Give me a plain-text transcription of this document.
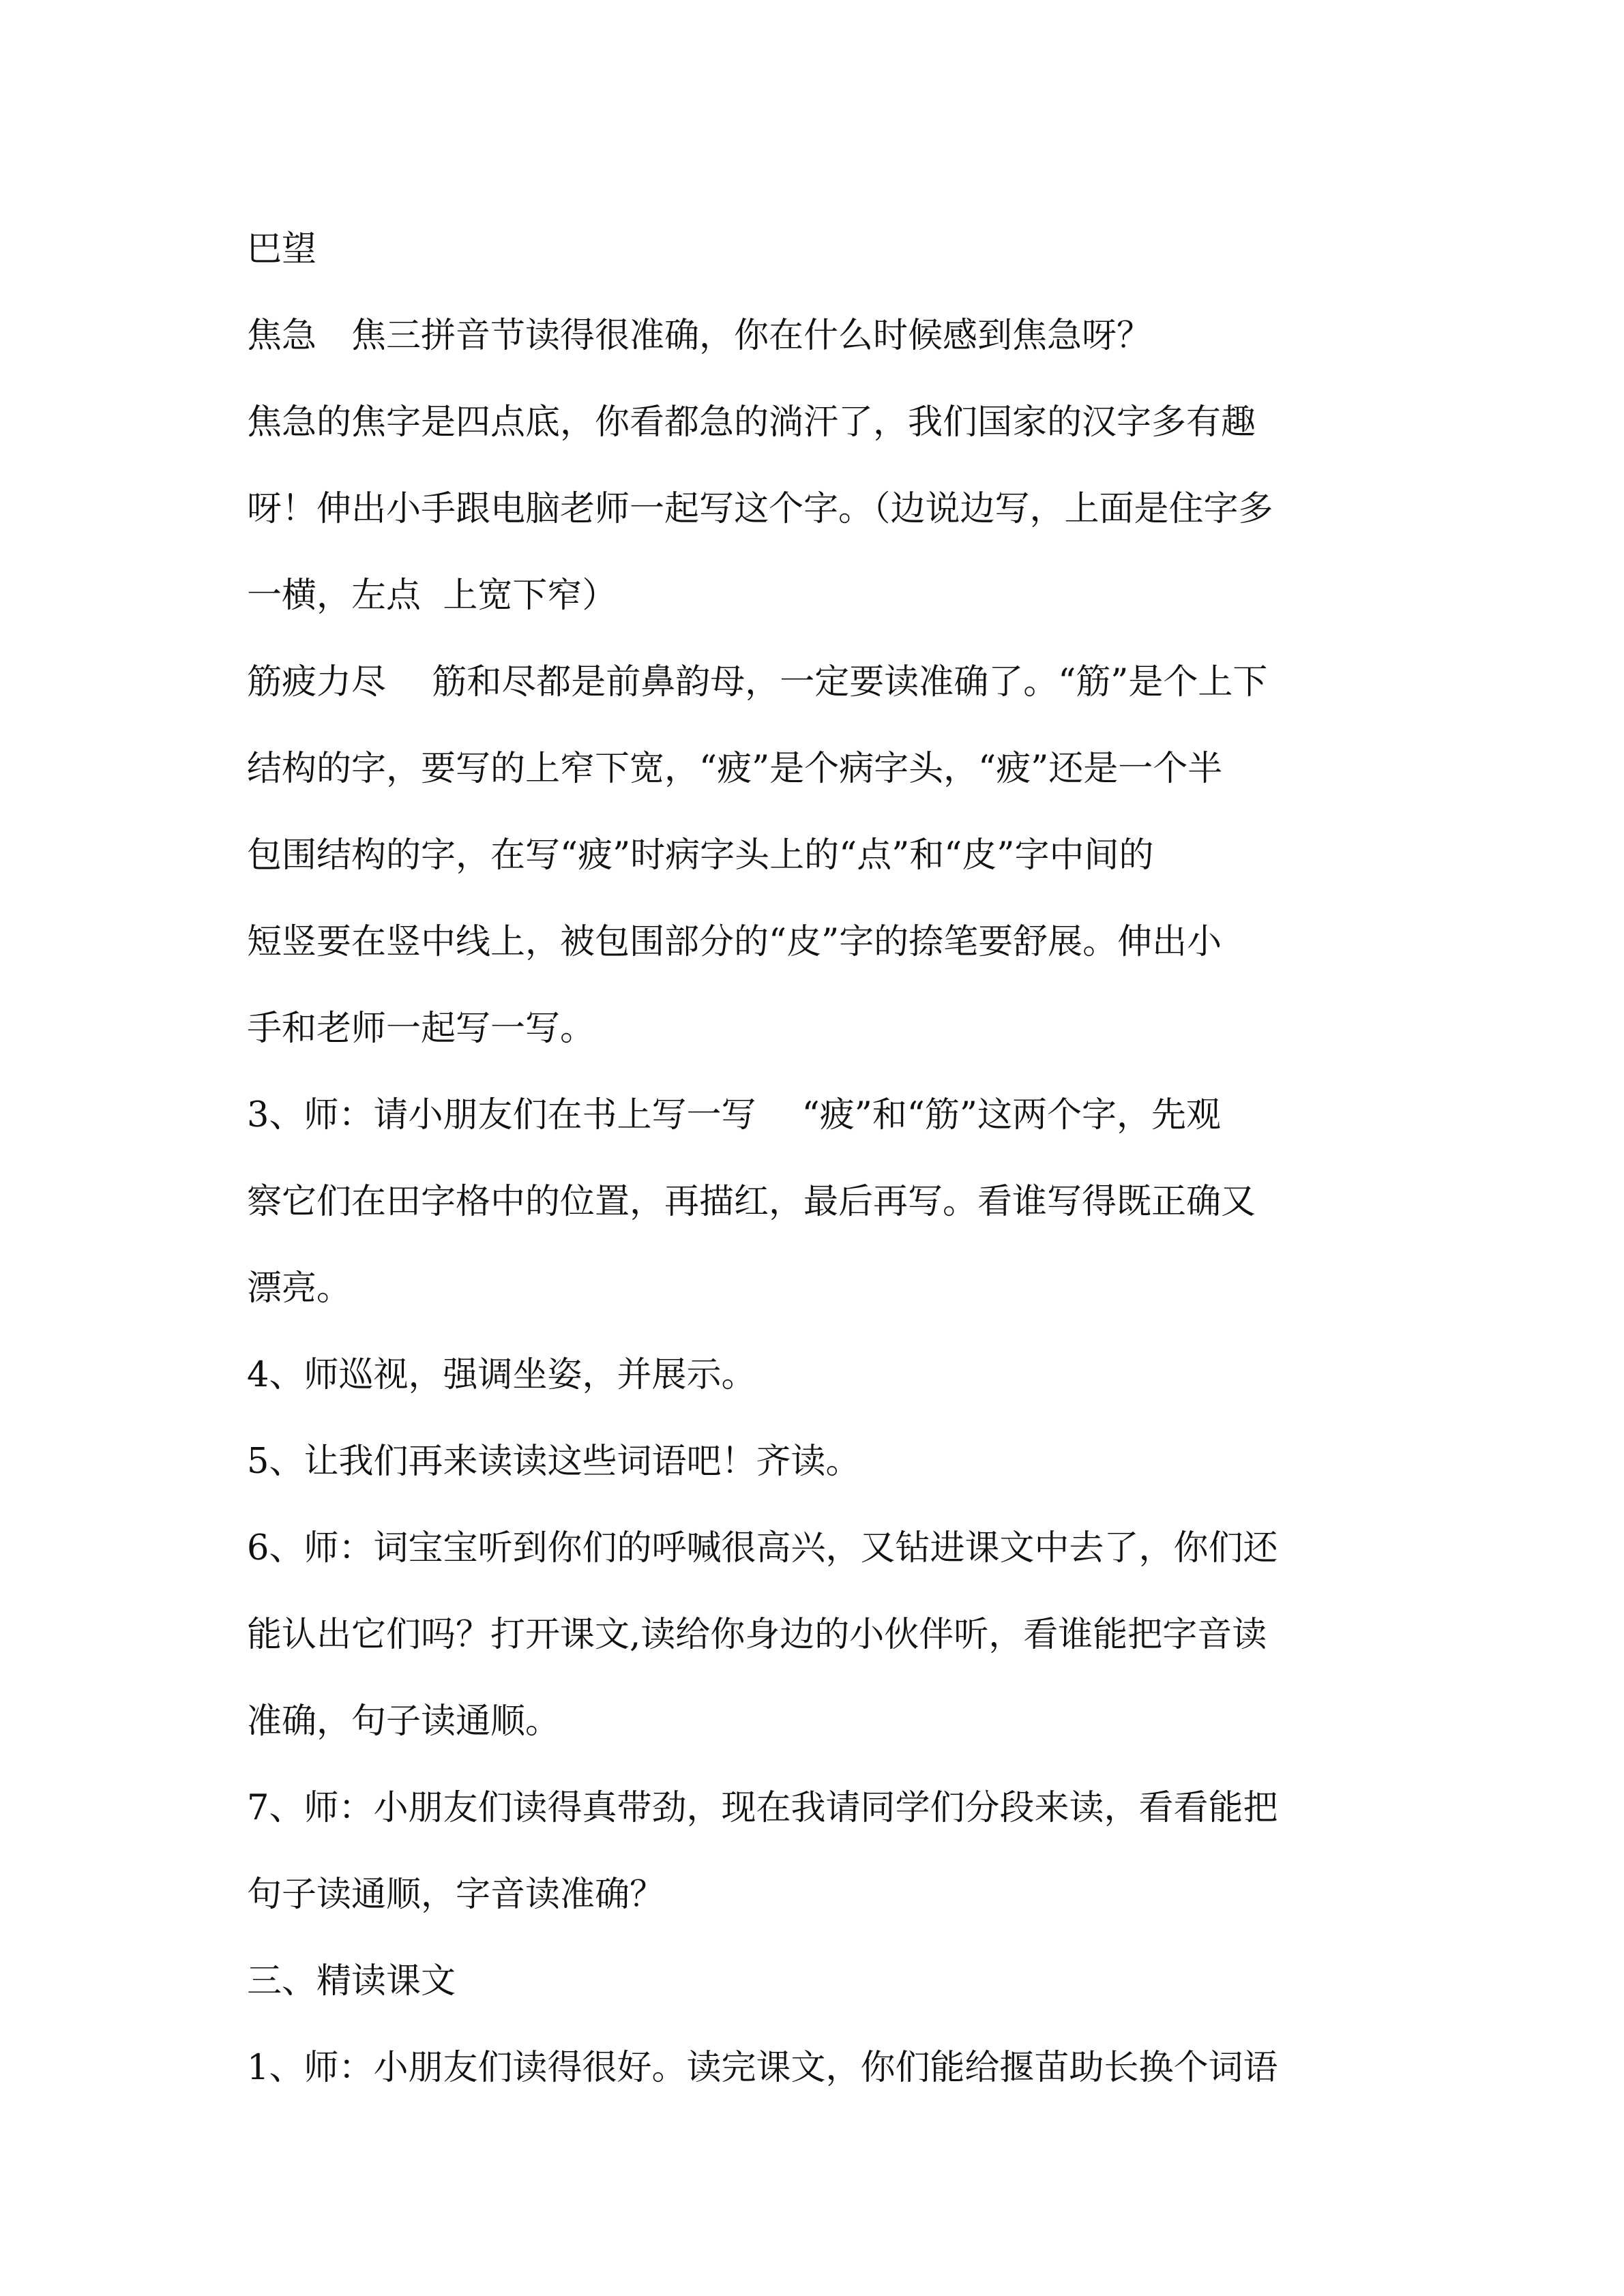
巴望
焦急　焦三拼音节读得很准确，你在什么时候感到焦急呀？
焦急的焦字是四点底，你看都急的淌汗了，我们国家的汉字多有趣
呀！伸出小手跟电脑老师一起写这个字。（边说边写，上面是住字多
一横，左点  上宽下窄）
筋疲力尽　 筋和尽都是前鼻韵母，一定要读准确了。“筋”是个上下
结构的字，要写的上窄下宽，“疲”是个病字头，“疲”还是一个半
包围结构的字，在写“疲”时病字头上的“点”和“皮”字中间的
短竖要在竖中线上，被包围部分的“皮”字的捺笔要舒展。伸出小
手和老师一起写一写。
3、师：请小朋友们在书上写一写　 “疲”和“筋”这两个字，先观
察它们在田字格中的位置，再描红，最后再写。看谁写得既正确又
漂亮。
4、师巡视，强调坐姿，并展示。
5、让我们再来读读这些词语吧！齐读。
6、师：词宝宝听到你们的呼喊很高兴，又钻进课文中去了，你们还
能认出它们吗？打开课文,读给你身边的小伙伴听，看谁能把字音读
准确，句子读通顺。
7、师：小朋友们读得真带劲，现在我请同学们分段来读，看看能把
句子读通顺，字音读准确？
三、精读课文
1、师：小朋友们读得很好。读完课文，你们能给揠苗助长换个词语
